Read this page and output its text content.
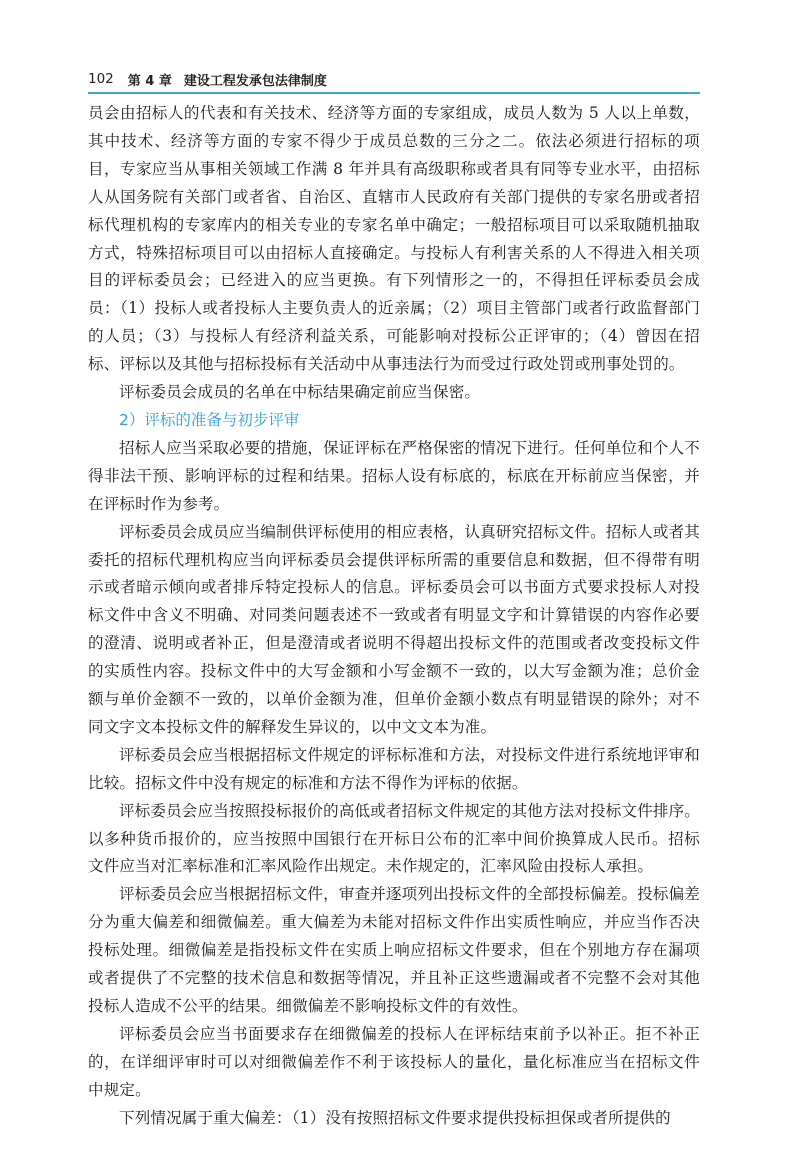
102 第 4 章 建设工程发承包法律制度

员会由招标人的代表和有关技术、经济等方面的专家组成，成员人数为 5 人以上单数，其中技术、经济等方面的专家不得少于成员总数的三分之二。依法必须进行招标的项目，专家应当从事相关领域工作满 8 年并具有高级职称或者具有同等专业水平，由招标人从国务院有关部门或者省、自治区、直辖市人民政府有关部门提供的专家名册或者招标代理机构的专家库内的相关专业的专家名单中确定；一般招标项目可以采取随机抽取方式，特殊招标项目可以由招标人直接确定。与投标人有利害关系的人不得进入相关项目的评标委员会；已经进入的应当更换。有下列情形之一的，不得担任评标委员会成员：（1）投标人或者投标人主要负责人的近亲属；（2）项目主管部门或者行政监督部门的人员；（3）与投标人有经济利益关系，可能影响对投标公正评审的；（4）曾因在招标、评标以及其他与招标投标有关活动中从事违法行为而受过行政处罚或刑事处罚的。

评标委员会成员的名单在中标结果确定前应当保密。

2）评标的准备与初步评审

招标人应当采取必要的措施，保证评标在严格保密的情况下进行。任何单位和个人不得非法干预、影响评标的过程和结果。招标人设有标底的，标底在开标前应当保密，并在评标时作为参考。

评标委员会成员应当编制供评标使用的相应表格，认真研究招标文件。招标人或者其委托的招标代理机构应当向评标委员会提供评标所需的重要信息和数据，但不得带有明示或者暗示倾向或者排斥特定投标人的信息。评标委员会可以书面方式要求投标人对投标文件中含义不明确、对同类问题表述不一致或者有明显文字和计算错误的内容作必要的澄清、说明或者补正，但是澄清或者说明不得超出投标文件的范围或者改变投标文件的实质性内容。投标文件中的大写金额和小写金额不一致的，以大写金额为准；总价金额与单价金额不一致的，以单价金额为准，但单价金额小数点有明显错误的除外；对不同文字文本投标文件的解释发生异议的，以中文文本为准。

评标委员会应当根据招标文件规定的评标标准和方法，对投标文件进行系统地评审和比较。招标文件中没有规定的标准和方法不得作为评标的依据。

评标委员会应当按照投标报价的高低或者招标文件规定的其他方法对投标文件排序。以多种货币报价的，应当按照中国银行在开标日公布的汇率中间价换算成人民币。招标文件应当对汇率标准和汇率风险作出规定。未作规定的，汇率风险由投标人承担。

评标委员会应当根据招标文件，审查并逐项列出投标文件的全部投标偏差。投标偏差分为重大偏差和细微偏差。重大偏差为未能对招标文件作出实质性响应，并应当作否决投标处理。细微偏差是指投标文件在实质上响应招标文件要求，但在个别地方存在漏项或者提供了不完整的技术信息和数据等情况，并且补正这些遗漏或者不完整不会对其他投标人造成不公平的结果。细微偏差不影响投标文件的有效性。

评标委员会应当书面要求存在细微偏差的投标人在评标结束前予以补正。拒不补正的，在详细评审时可以对细微偏差作不利于该投标人的量化，量化标准应当在招标文件中规定。

下列情况属于重大偏差：（1）没有按照招标文件要求提供投标担保或者所提供的
